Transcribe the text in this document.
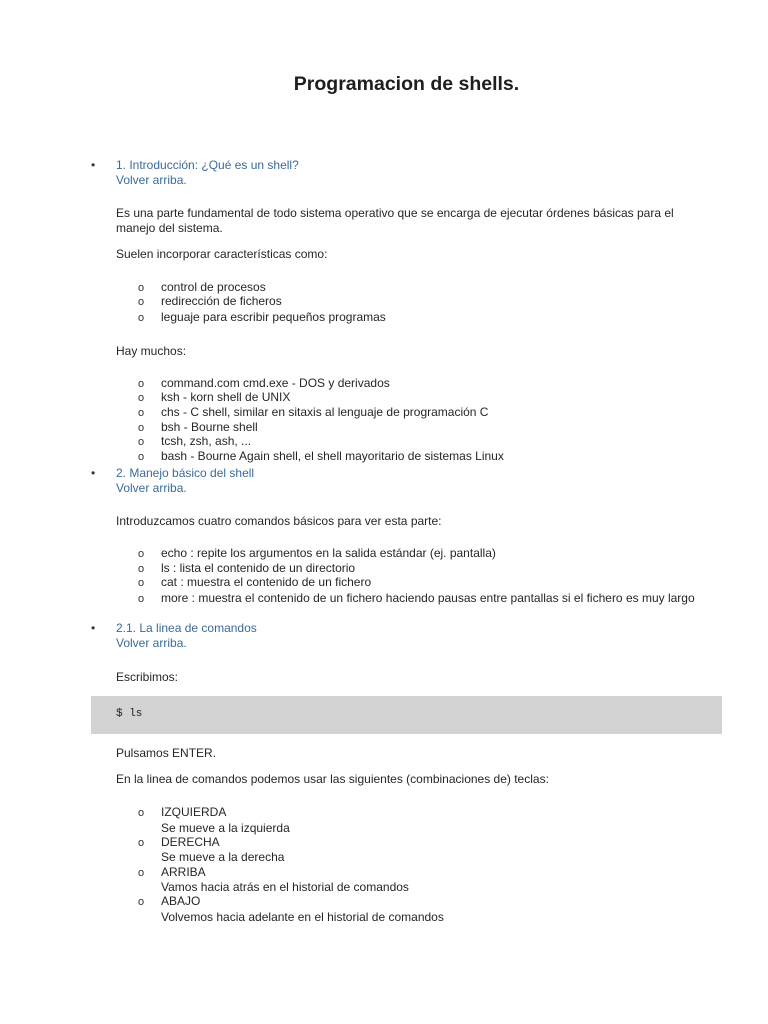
Programacion de shells.
• 1. Introducción: ¿Qué es un shell?
Volver arriba.
Es una parte fundamental de todo sistema operativo que se encarga de ejecutar órdenes básicas para el manejo del sistema.
Suelen incorporar características como:
o control de procesos
o redirección de ficheros
o leguaje para escribir pequeños programas
Hay muchos:
o command.com cmd.exe - DOS y derivados
o ksh - korn shell de UNIX
o chs - C shell, similar en sitaxis al lenguaje de programación C
o bsh - Bourne shell
o tcsh, zsh, ash, ...
o bash - Bourne Again shell, el shell mayoritario de sistemas Linux
• 2. Manejo básico del shell
Volver arriba.
Introduzcamos cuatro comandos básicos para ver esta parte:
o echo : repite los argumentos en la salida estándar (ej. pantalla)
o ls : lista el contenido de un directorio
o cat : muestra el contenido de un fichero
o more : muestra el contenido de un fichero haciendo pausas entre pantallas si el fichero es muy largo
• 2.1. La linea de comandos
Volver arriba.
Escribimos:
$ ls
Pulsamos ENTER.
En la linea de comandos podemos usar las siguientes (combinaciones de) teclas:
o IZQUIERDA
Se mueve a la izquierda
o DERECHA
Se mueve a la derecha
o ARRIBA
Vamos hacia atrás en el historial de comandos
o ABAJO
Volvemos hacia adelante en el historial de comandos
